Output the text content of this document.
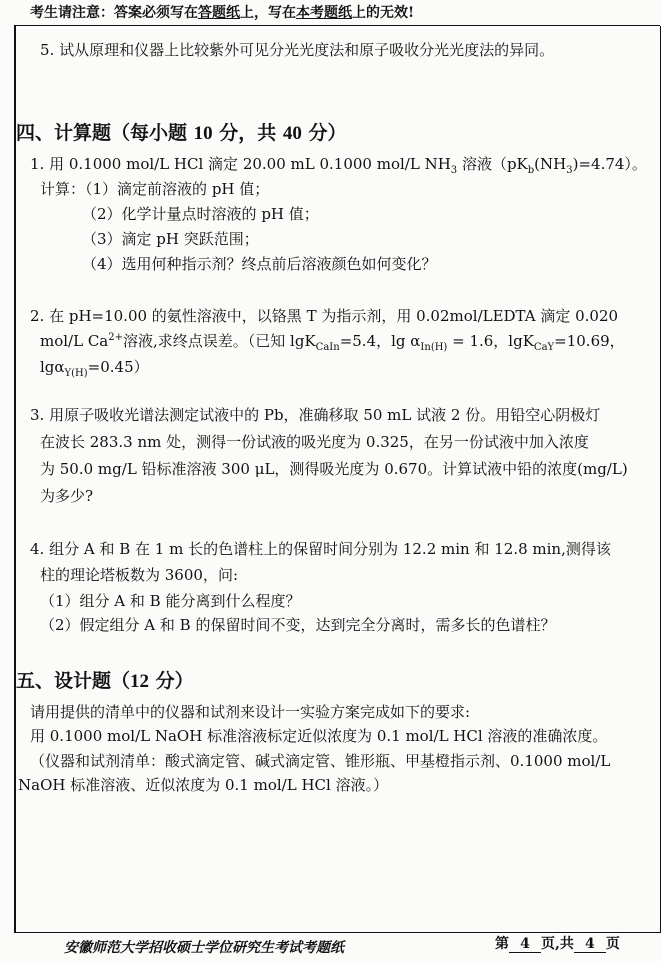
考生请注意：答案必须写在答题纸上，写在本考题纸上的无效!
5. 试从原理和仪器上比较紫外可见分光光度法和原子吸收分光光度法的异同。
四、计算题（每小题 10 分，共 40 分）
1. 用 0.1000 mol/L HCl 滴定 20.00 mL 0.1000 mol/L $NH_3$ 溶液$(pK_b(NH_3)=4.74)$。
计算：（1）滴定前溶液的 pH 值；
（2）化学计量点时溶液的 pH 值；
（3）滴定 pH 突跃范围；
（4）选用何种指示剂？终点前后溶液颜色如何变化？
2. 在 pH=10.00 的氨性溶液中，以铬黑 T 为指示剂，用 0.02mol/LEDTA 滴定 0.020
mol/L $Ca^{2+}$溶液,求终点误差。（已知 lgK$_{CaIn}$=5.4，$\lg \alpha_{In(H)} = 1.6$，lgK$_{CaY}$=10.69，
lgα$_{Y(H)}$=0.45）
3. 用原子吸收光谱法测定试液中的 Pb，准确移取 50 mL 试液 2 份。用铅空心阴极灯
在波长 283.3 nm 处，测得一份试液的吸光度为 0.325，在另一份试液中加入浓度
为 50.0 mg/L 铅标准溶液 300 μL，测得吸光度为 0.670。计算试液中铅的浓度(mg/L)
为多少?
4. 组分 A 和 B 在 1 m 长的色谱柱上的保留时间分别为 12.2 min 和 12.8 min,测得该
柱的理论塔板数为 3600，问:
（1）组分 A 和 B 能分离到什么程度？
（2）假定组分 A 和 B 的保留时间不变，达到完全分离时，需多长的色谱柱？
五、设计题（12 分）
请用提供的清单中的仪器和试剂来设计一实验方案完成如下的要求:
用 0.1000 mol/L NaOH 标准溶液标定近似浓度为 0.1 mol/L HCl 溶液的准确浓度。
（仪器和试剂清单：酸式滴定管、碱式滴定管、锥形瓶、甲基橙指示剂、0.1000 mol/L
NaOH 标准溶液、近似浓度为 0.1 mol/L HCl 溶液。）
安徽师范大学招收硕士学位研究生考试考题纸	第 4 页,共 4 页
